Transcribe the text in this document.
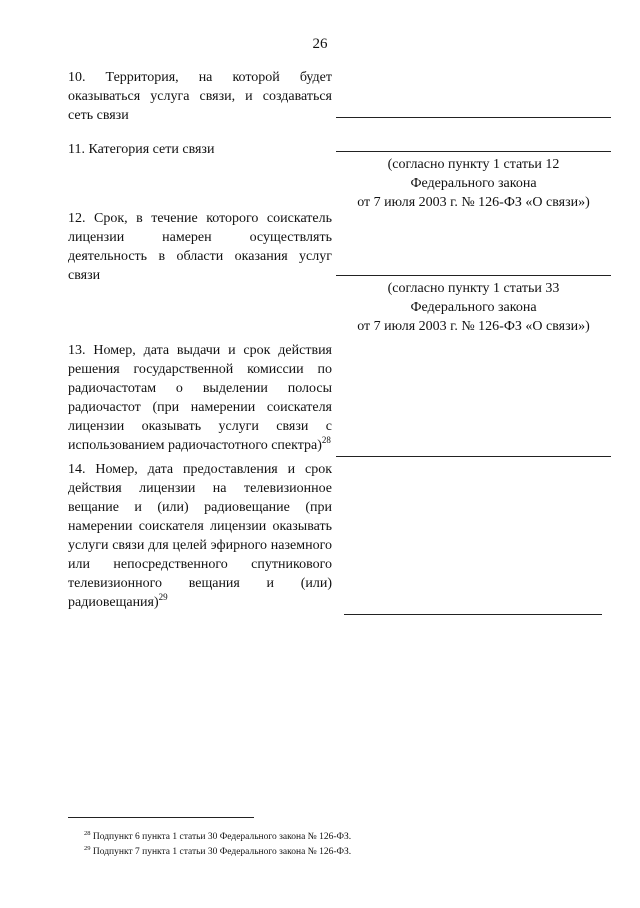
26
10. Территория, на которой будет оказываться услуга связи, и создаваться сеть связи
11. Категория сети связи
(согласно пункту 1 статьи 12
Федерального закона
от 7 июля 2003 г. № 126-ФЗ «О связи»)
12. Срок, в течение которого соискатель лицензии намерен осуществлять деятельность в области оказания услуг связи
(согласно пункту 1 статьи 33
Федерального закона
от 7 июля 2003 г. № 126-ФЗ «О связи»)
13. Номер, дата выдачи и срок действия решения государственной комиссии по радиочастотам о выделении полосы радиочастот (при намерении соискателя лицензии оказывать услуги связи с использованием радиочастотного спектра)$^{28}$
14. Номер, дата предоставления и срок действия лицензии на телевизионное вещание и (или) радиовещание (при намерении соискателя лицензии оказывать услуги связи для целей эфирного наземного или непосредственного спутникового телевизионного вещания и (или) радиовещания)$^{29}$
$^{28}$ Подпункт 6 пункта 1 статьи 30 Федерального закона № 126-ФЗ.
$^{29}$ Подпункт 7 пункта 1 статьи 30 Федерального закона № 126-ФЗ.
